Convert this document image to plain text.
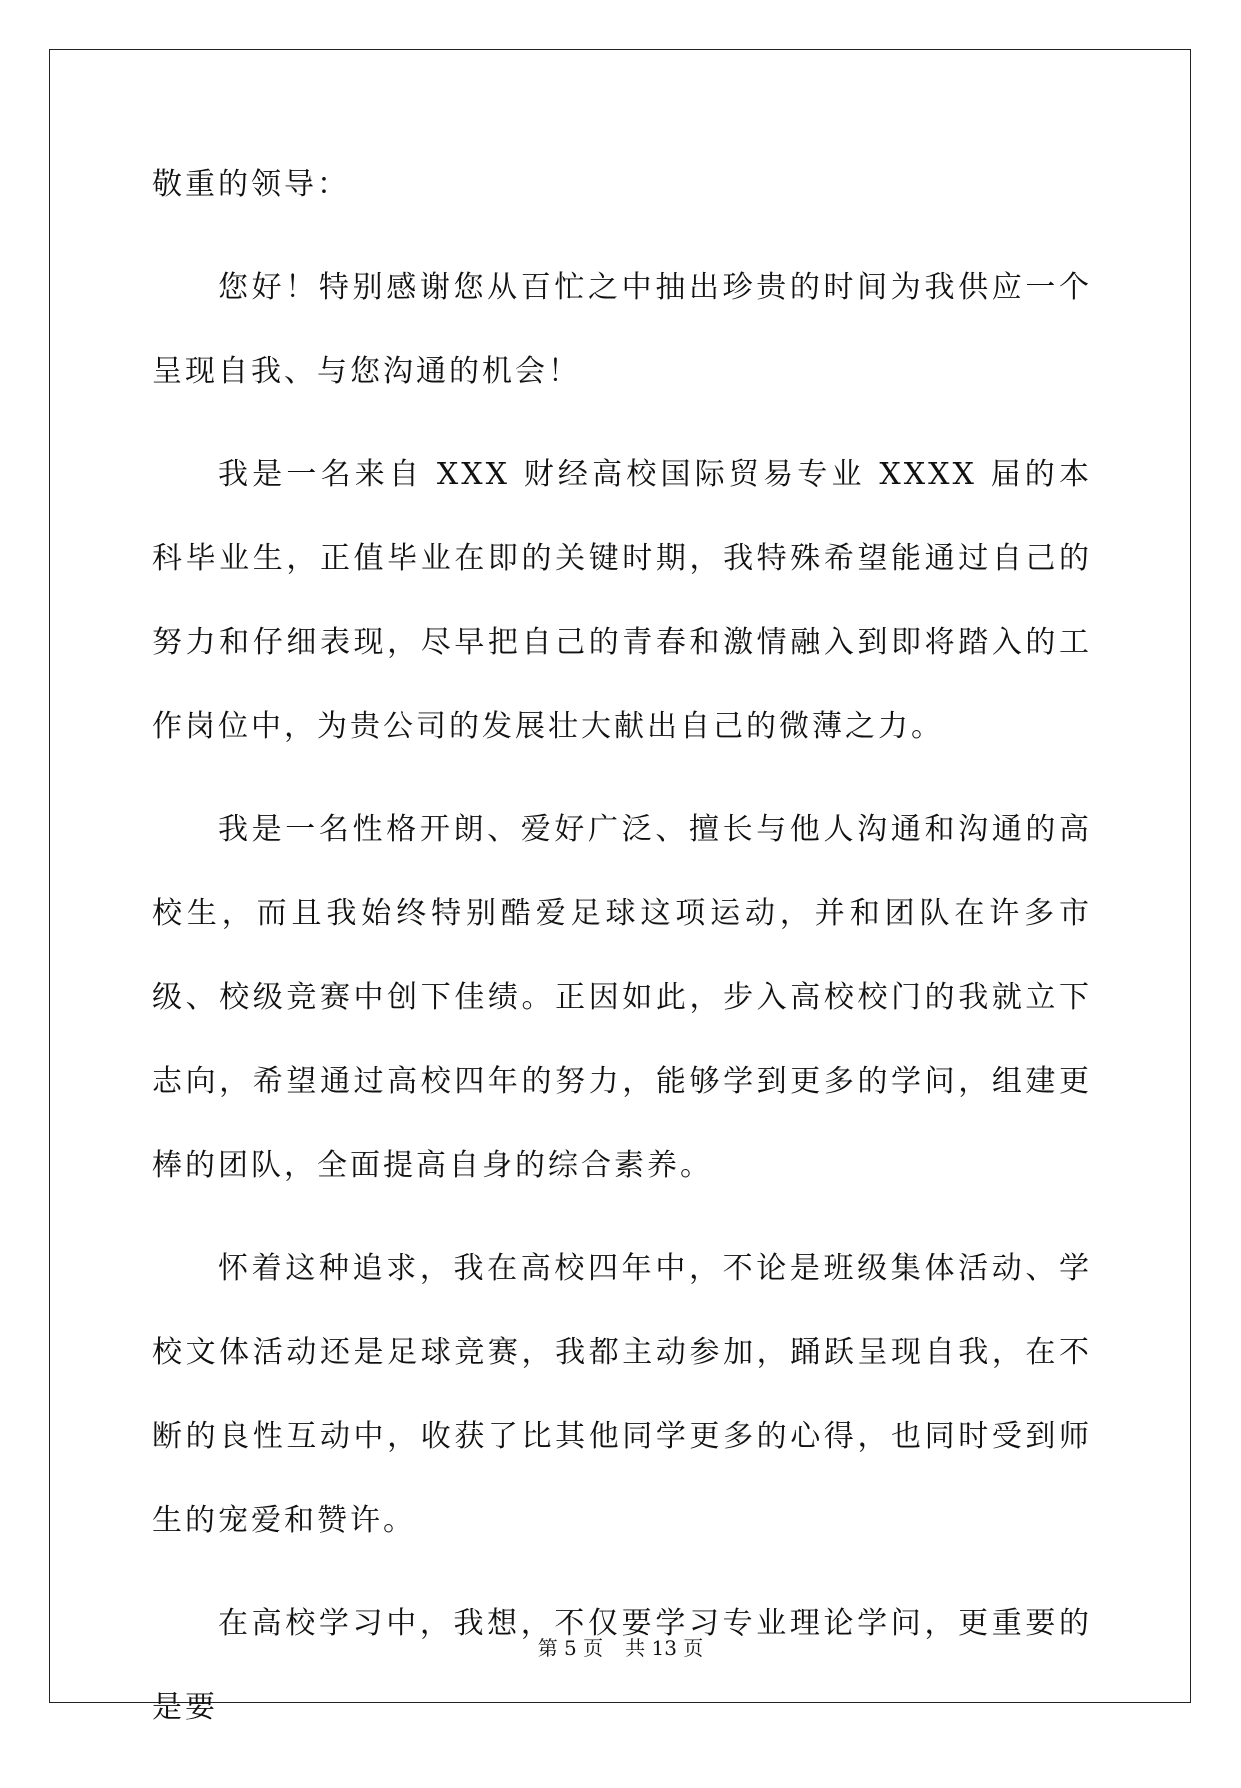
敬重的领导：

您好！特别感谢您从百忙之中抽出珍贵的时间为我供应一个呈现自我、与您沟通的机会！

我是一名来自 XXX 财经高校国际贸易专业 XXXX 届的本科毕业生，正值毕业在即的关键时期，我特殊希望能通过自己的努力和仔细表现，尽早把自己的青春和激情融入到即将踏入的工作岗位中，为贵公司的发展壮大献出自己的微薄之力。

我是一名性格开朗、爱好广泛、擅长与他人沟通和沟通的高校生，而且我始终特别酷爱足球这项运动，并和团队在许多市级、校级竞赛中创下佳绩。正因如此，步入高校校门的我就立下志向，希望通过高校四年的努力，能够学到更多的学问，组建更棒的团队，全面提高自身的综合素养。

怀着这种追求，我在高校四年中，不论是班级集体活动、学校文体活动还是足球竞赛，我都主动参加，踊跃呈现自我，在不断的良性互动中，收获了比其他同学更多的心得，也同时受到师生的宠爱和赞许。

在高校学习中，我想，不仅要学习专业理论学问，更重要的是要

第 5 页 共 13 页
